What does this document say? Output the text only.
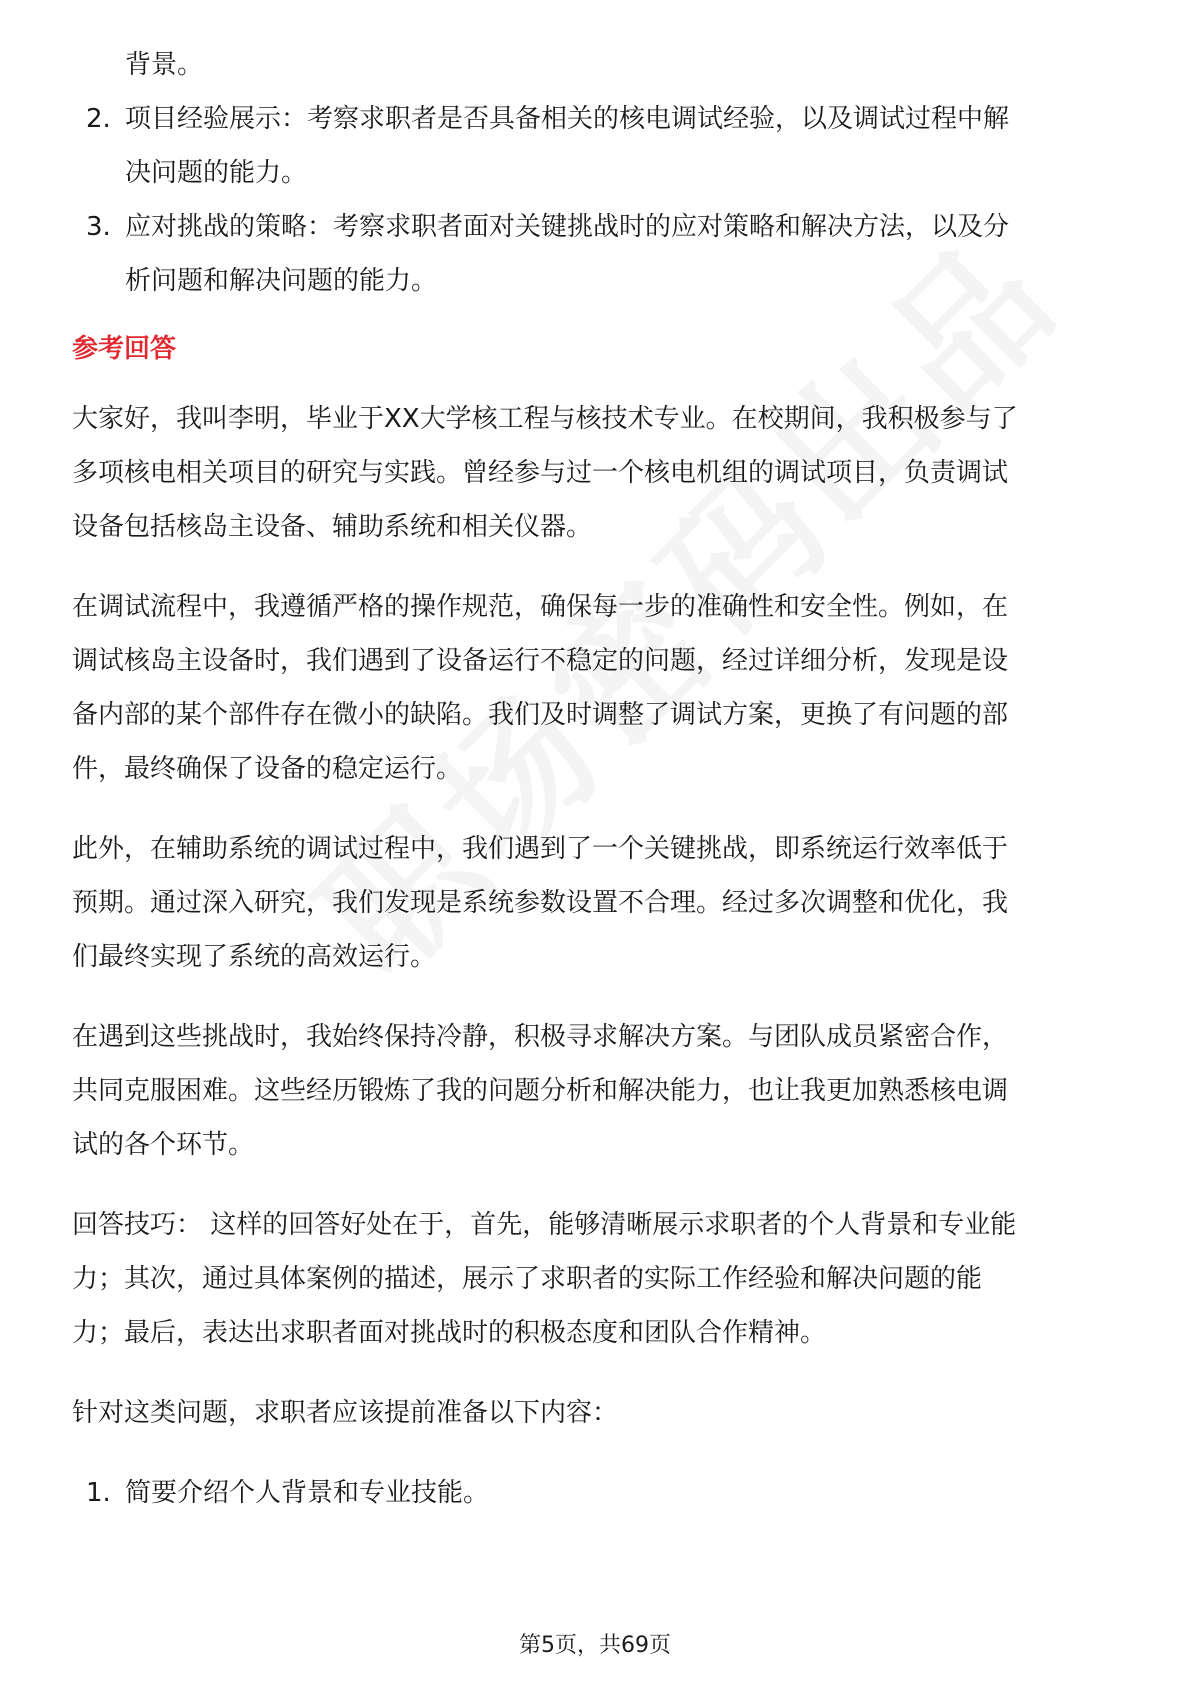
背景。
2. 项目经验展示：考察求职者是否具备相关的核电调试经验，以及调试过程中解
决问题的能力。
3. 应对挑战的策略：考察求职者面对关键挑战时的应对策略和解决方法，以及分
析问题和解决问题的能力。
参考回答
大家好，我叫李明，毕业于XX大学核工程与核技术专业。在校期间，我积极参与了
多项核电相关项目的研究与实践。曾经参与过一个核电机组的调试项目，负责调试
设备包括核岛主设备、辅助系统和相关仪器。
在调试流程中，我遵循严格的操作规范，确保每一步的准确性和安全性。例如，在
调试核岛主设备时，我们遇到了设备运行不稳定的问题，经过详细分析，发现是设
备内部的某个部件存在微小的缺陷。我们及时调整了调试方案，更换了有问题的部
件，最终确保了设备的稳定运行。
此外，在辅助系统的调试过程中，我们遇到了一个关键挑战，即系统运行效率低于
预期。通过深入研究，我们发现是系统参数设置不合理。经过多次调整和优化，我
们最终实现了系统的高效运行。
在遇到这些挑战时，我始终保持冷静，积极寻求解决方案。与团队成员紧密合作，
共同克服困难。这些经历锻炼了我的问题分析和解决能力，也让我更加熟悉核电调
试的各个环节。
回答技巧： 这样的回答好处在于，首先，能够清晰展示求职者的个人背景和专业能
力；其次，通过具体案例的描述，展示了求职者的实际工作经验和解决问题的能
力；最后，表达出求职者面对挑战时的积极态度和团队合作精神。
针对这类问题，求职者应该提前准备以下内容：
1. 简要介绍个人背景和专业技能。
第5页，共69页
